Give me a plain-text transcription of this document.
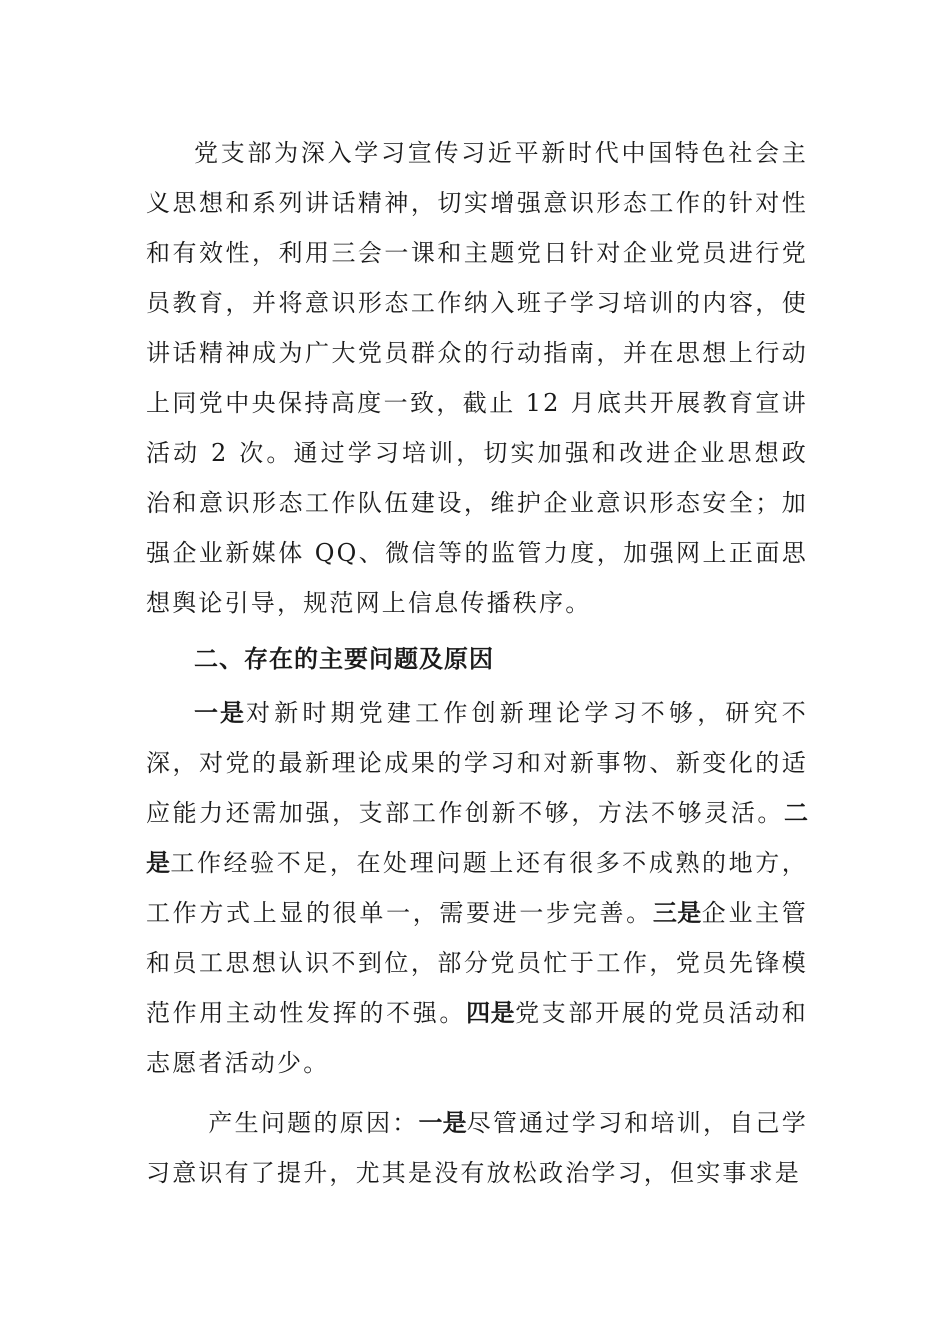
党支部为深入学习宣传习近平新时代中国特色社会主义思想和系列讲话精神，切实增强意识形态工作的针对性和有效性，利用三会一课和主题党日针对企业党员进行党员教育，并将意识形态工作纳入班子学习培训的内容，使讲话精神成为广大党员群众的行动指南，并在思想上行动上同党中央保持高度一致，截止 12 月底共开展教育宣讲活动 2 次。通过学习培训，切实加强和改进企业思想政治和意识形态工作队伍建设，维护企业意识形态安全；加强企业新媒体 QQ、微信等的监管力度，加强网上正面思想舆论引导，规范网上信息传播秩序。

二、存在的主要问题及原因

一是对新时期党建工作创新理论学习不够，研究不深，对党的最新理论成果的学习和对新事物、新变化的适应能力还需加强，支部工作创新不够，方法不够灵活。二是工作经验不足，在处理问题上还有很多不成熟的地方，工作方式上显的很单一，需要进一步完善。三是企业主管和员工思想认识不到位，部分党员忙于工作，党员先锋模范作用主动性发挥的不强。四是党支部开展的党员活动和志愿者活动少。

产生问题的原因：一是尽管通过学习和培训，自己学习意识有了提升，尤其是没有放松政治学习，但实事求是
